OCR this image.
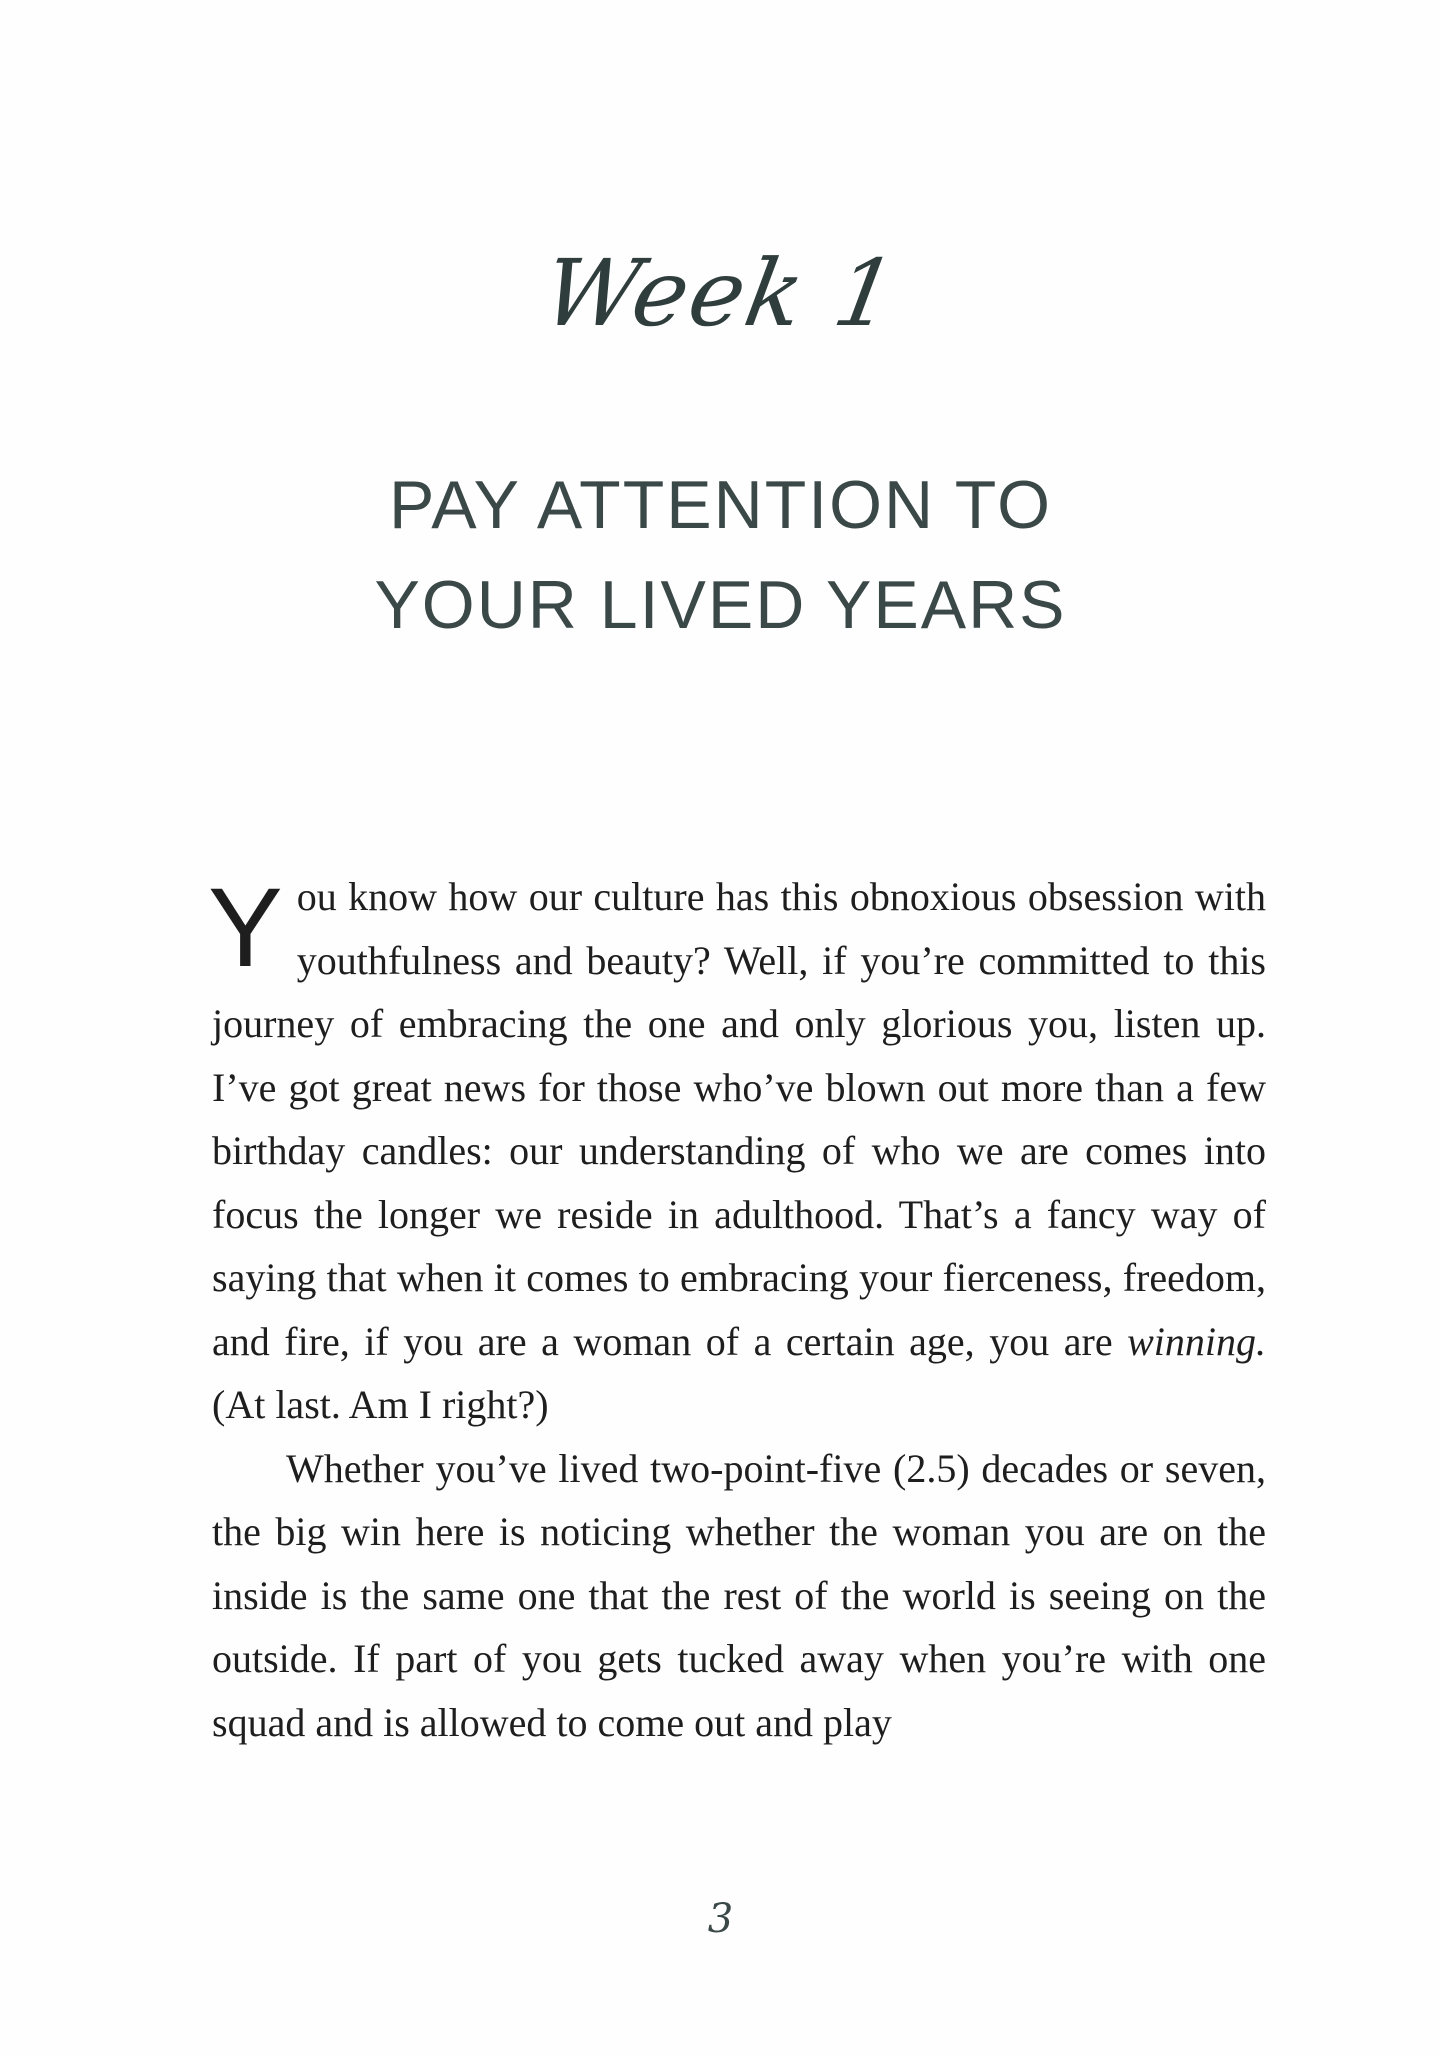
Week 1
PAY ATTENTION TO
YOUR LIVED YEARS

You know how our culture has this obnoxious obsession with youthfulness and beauty? Well, if you’re committed to this journey of embracing the one and only glorious you, listen up. I’ve got great news for those who’ve blown out more than a few birthday candles: our understanding of who we are comes into focus the longer we reside in adulthood. That’s a fancy way of saying that when it comes to embracing your fierceness, freedom, and fire, if you are a woman of a certain age, you are winning. (At last. Am I right?)

Whether you’ve lived two-point-five (2.5) decades or seven, the big win here is noticing whether the woman you are on the inside is the same one that the rest of the world is seeing on the outside. If part of you gets tucked away when you’re with one squad and is allowed to come out and play

3
